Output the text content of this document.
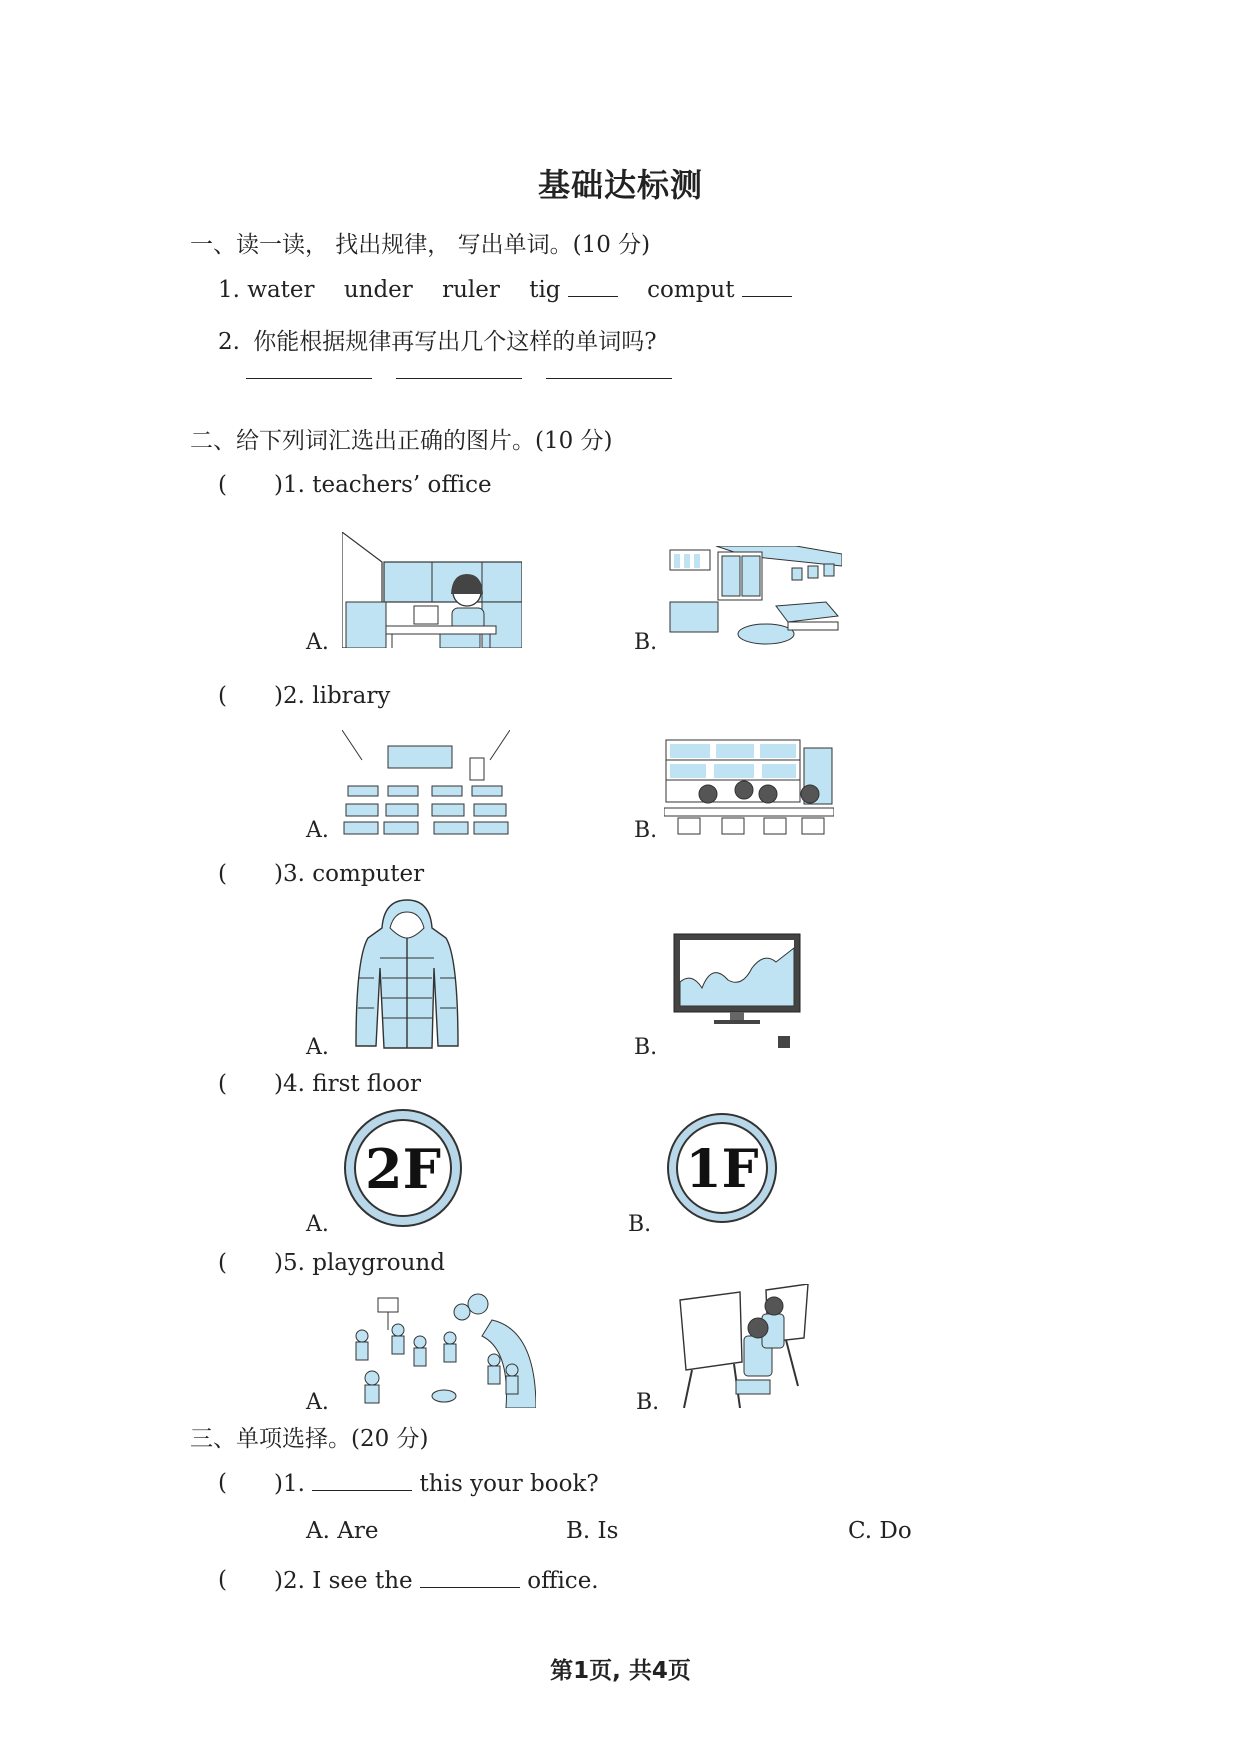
基础达标测
一、读一读， 找出规律， 写出单词。(10 分)
1. water under ruler tig	comput
2. 你能根据规律再写出几个这样的单词吗?
二、给下列词汇选出正确的图片。(10 分)
( )1. teachers’ office
A.	B.
( )2. library
A.	B.
( )3. computer
A.	B.
( )4. first floor
A.	B.
2F	1F
( )5. playground
A.	B.
三、单项选择。(20 分)
( )1.	this your book?
A. Are	B. Is	C. Do
( )2. I see the	office.
第1页, 共4页
